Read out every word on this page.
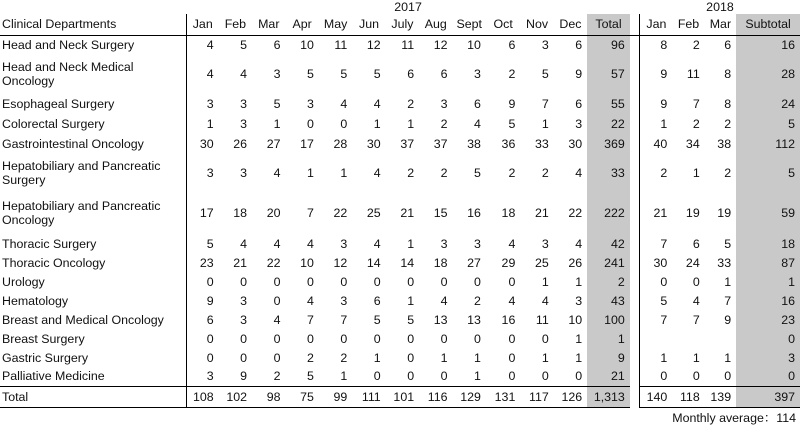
	2017														2018			
Clinical Departments	Jan	Feb	Mar	Apr	May	Jun	July	Aug	Sept	Oct	Nov	Dec	Total		Jan	Feb	Mar	Subtotal
Head and Neck Surgery	4	5	6	10	11	12	11	12	10	6	3	6	96		8	2	6	16
Head and Neck Medical Oncology	4	4	3	5	5	5	6	6	3	2	5	9	57		9	11	8	28
Esophageal Surgery	3	3	5	3	4	4	2	3	6	9	7	6	55		9	7	8	24
Colorectal Surgery	1	3	1	0	0	1	1	2	4	5	1	3	22		1	2	2	5
Gastrointestinal Oncology	30	26	27	17	28	30	37	37	38	36	33	30	369		40	34	38	112
Hepatobiliary and Pancreatic Surgery	3	3	4	1	1	4	2	2	5	2	2	4	33		2	1	2	5
Hepatobiliary and Pancreatic Oncology	17	18	20	7	22	25	21	15	16	18	21	22	222		21	19	19	59
Thoracic Surgery	5	4	4	4	3	4	1	3	3	4	3	4	42		7	6	5	18
Thoracic Oncology	23	21	22	10	12	14	14	18	27	29	25	26	241		30	24	33	87
Urology	0	0	0	0	0	0	0	0	0	0	1	1	2		0	0	1	1
Hematology	9	3	0	4	3	6	1	4	2	4	4	3	43		5	4	7	16
Breast and Medical Oncology	6	3	4	7	7	5	5	13	13	16	11	10	100		7	7	9	23
Breast Surgery	0	0	0	0	0	0	0	0	0	0	0	1	1					0
Gastric Surgery	0	0	0	2	2	1	0	1	1	0	1	1	9		1	1	1	3
Palliative Medicine	3	9	2	5	1	0	0	0	1	0	0	0	21		0	0	0	0
Total	108	102	98	75	99	111	101	116	129	131	117	126	1,313		140	118	139	397
Monthly average：114
